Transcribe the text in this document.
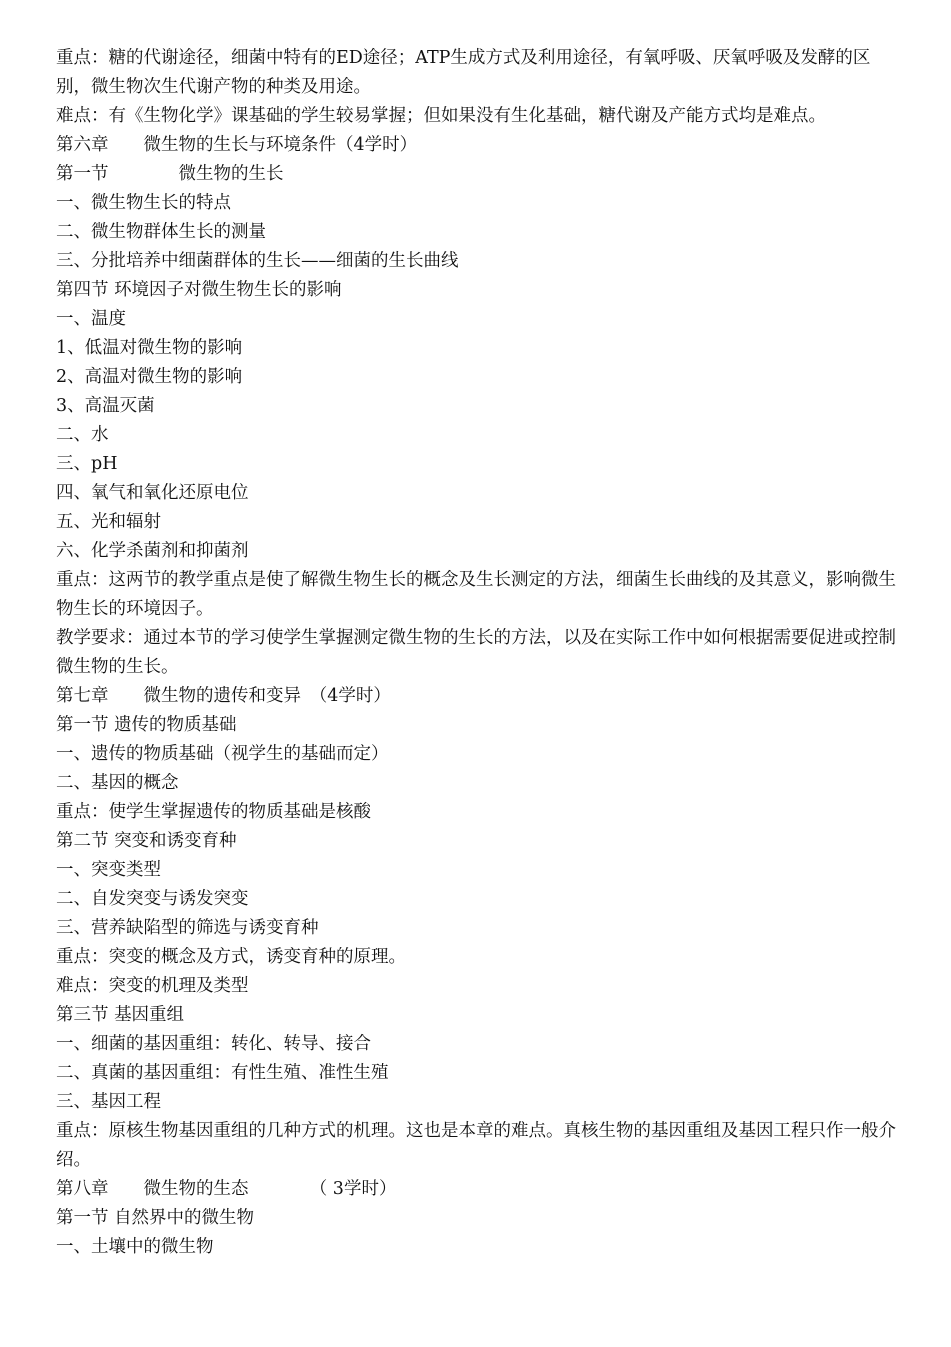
重点：糖的代谢途径，细菌中特有的ED途径；ATP生成方式及利用途径，有氧呼吸、厌氧呼吸及发酵的区别，微生物次生代谢产物的种类及用途。

难点：有《生物化学》课基础的学生较易掌握；但如果没有生化基础，糖代谢及产能方式均是难点。

第六章　　微生物的生长与环境条件（4学时）

第一节　　　　微生物的生长

一、微生物生长的特点

二、微生物群体生长的测量

三、分批培养中细菌群体的生长——细菌的生长曲线

第四节 环境因子对微生物生长的影响

一、温度

1、低温对微生物的影响

2、高温对微生物的影响

3、高温灭菌

二、水

三、pH

四、氧气和氧化还原电位

五、光和辐射

六、化学杀菌剂和抑菌剂

重点：这两节的教学重点是使了解微生物生长的概念及生长测定的方法，细菌生长曲线的及其意义，影响微生物生长的环境因子。

教学要求：通过本节的学习使学生掌握测定微生物的生长的方法，以及在实际工作中如何根据需要促进或控制微生物的生长。

第七章　　微生物的遗传和变异　（4学时）

第一节 遗传的物质基础

一、遗传的物质基础（视学生的基础而定）

二、基因的概念

重点：使学生掌握遗传的物质基础是核酸

第二节 突变和诱变育种

一、突变类型

二、自发突变与诱发突变

三、营养缺陷型的筛选与诱变育种

重点：突变的概念及方式，诱变育种的原理。

难点：突变的机理及类型

第三节 基因重组

一、细菌的基因重组：转化、转导、接合

二、真菌的基因重组：有性生殖、准性生殖

三、基因工程

重点：原核生物基因重组的几种方式的机理。这也是本章的难点。真核生物的基因重组及基因工程只作一般介绍。

第八章　　微生物的生态　　　　（ 3学时）

第一节 自然界中的微生物

一、土壤中的微生物
